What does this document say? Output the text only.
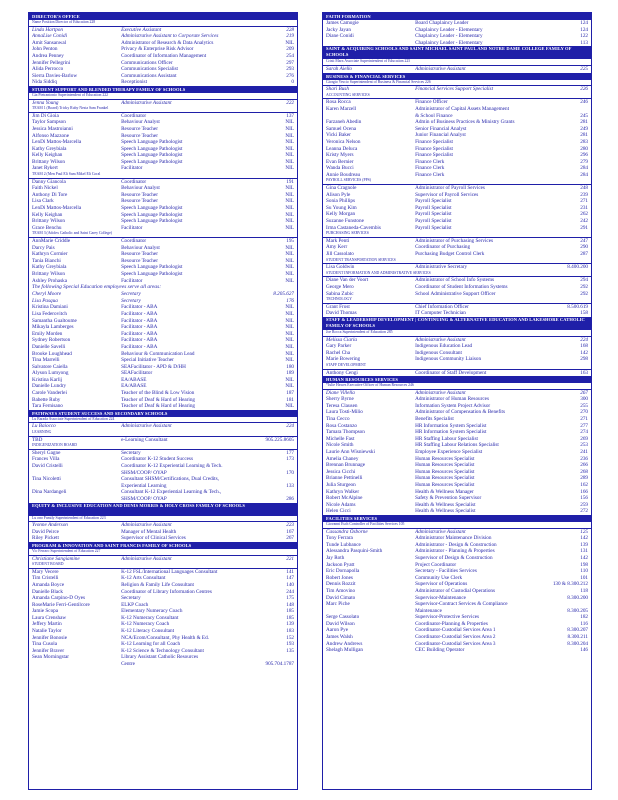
DIRECTOR'S OFFICE
Name Position Director of Education 228
Linda Hartpon	Executive Assistant	228
AnnaLise Conidi	Administrative Assistant to Corporate Services	219
Amit Sansanwal	Administrator of Research & Data Analytics	NIL
John Penton	Privacy & Enterprise Risk Advisor	209
Andrea Penney	Coordinator of Information Management	254
Jennifer Pellegrini	Communications Officer	297
Alida Perrocco	Communications Specialist	293
Sierra Davies-Barlow	Communications Assistant	276
Nida Siddiq	Receptionist	0
STUDENT SUPPORT AND BLENDED THERAPY FAMILY OF SCHOOLS
Gia Pietrantonio Superintendent of Education 222
Jenna Young	Administrative Assistant	222
TEAM 1 (Board) Tricky Ruby Nesta Sam Frankel
Jim Di Gioia	Coordinator	137
Taylor Sampson	Behaviour Analyst	NIL
Jessica Mastroianni	Resource Teacher	NIL
Alfonso Mazzone	Resource Teacher	NIL
LenDi Mattos-Marcella	Speech Language Pathologist	NIL
Kathy Greybiala	Speech Language Pathologist	NIL
Kelly Keighan	Speech Language Pathologist	NIL
Brittany Wilson	Speech Language Pathologist	NIL
Janet Rykert	Facilitator	NIL
TEAM 2 (Men Paul Eli Sam Mikel Eli Coral
Danny Giancola	Coordinator	191
Faith Nickel	Behaviour Analyst	NIL
Anthony Di Tore	Resource Teacher	NIL
Lisa Clark	Resource Teacher	NIL
LenDi Mattos-Marcella	Speech Language Pathologist	NIL
Kelly Keighan	Speech Language Pathologist	NIL
Brittany Wilson	Speech Language Pathologist	NIL
Grace Benchu	Facilitator	NIL
TEAM 3 (Adolex Catholic and Saint Carey College)
AnnMarie Criddle	Coordinator	195
Darcy Pais	Behaviour Analyst	NIL
Kathryn Cormier	Resource Teacher	NIL
Tania Bianchi	Resource Teacher	NIL
Kathy Greybiala	Speech Language Pathologist	NIL
Brittany Wilson	Speech Language Pathologist	NIL
Ashley Prohaska	Facilitator	NIL
The following Special Education employees serve all areas:
Cheryl Moore	Secretary	8.205.627
Lisa Pasqua	Secretary	176
Kristina Damiani	Facilitator - ABA	NIL
Lisa Federovitch	Facilitator - ABA	NIL
Samantha Gualtoume	Facilitator - ABA	NIL
Mikayla Lamberges	Facilitator - ABA	NIL
Emily Morden	Facilitator - ABA	NIL
Sydney Robertson	Facilitator - ABA	NIL
Danielle Savelli	Facilitator - ABA	NIL
Brooke Loughhead	Behaviour & Communication Lead	NIL
Tina Marrelli	Special Initiative Teacher	NIL
Salvatore Caiella	SEAFacilitator - APD & D/HH	180
Alyson Lumyong	SEAFacilitator	189
Kristina Karlij	EA/ABASE	NIL
Danielle Lundry	EA/ABASE	NIL
Carole Vanderlei	Teacher of the Blind & Low Vision	187
Babette Ruby	Teacher of Deaf & Hard of Hearing	181
Tara Fernisano	Teacher of Deaf & Hard of Hearing	NIL
PATHWAYS STUDENT SUCCESS AND SECONDARY SCHOOLS
Lu Barada Associate Superintendent of Education 224
Lu Baiocco	Administrative Assistant	224
LEARNING
TBD	e-Learning Consultant	905.225.8605
INDIGENIZATION BOARD
Sheryl Gagne	Secretary	177
Frances Villa	Coordinator K-12 Student Success	173
David Cristelli	Coordinator K-12 Experiential Learning & Tech.
SHSM/COOP/ OYAP	170
Tina Nicoletti	Consultant SHSM/Certifications, Dual Credits,
Experiential Learning	133
Dina Nardangeli	Consultant K-12 Experiential Learning & Tech.,
SHSM/COOP/ OYAP	286
EQUITY & INCLUSIVE EDUCATION AND DENIS MORRIS & HOLY CROSS FAMILY OF SCHOOLS
Lu ono Family Superintendent of Education 223
Yvonne Anderson	Administrative Assistant	223
David Peirce	Manager of Mental Health	167
Riley Pickett	Supervisor of Clinical Services	267
PROGRAM & INNOVATION AND SAINT FRANCIS FAMILY OF SCHOOLS
Vic Ferraro Superintendent of Education 227
Christiane Sangiamine	Administrative Assistant	221
STUDENT BOARD
Mary Vecere	K-12 FSL/International Languages Consultant	141
Tim Cristelli	K-12 Arts Consultant	147
Amanda Boyce	Religion & Family Life Consultant	140
Danielle Black	Coordinator of Library Information Centres	244
Amanda Carpino-D Oyes	Secretary	175
RoseMarie Ferri-Gentilcore	ELKP Coach	148
Jamie Scopa	Elementary Numeracy Coach	185
Laura Crenshaw	K-12 Numeracy Consultant	185
Jeffery Martin	K-12 Numeracy Coach	139
Natalie Taylor	K-12 Literacy Consultant	183
Jennifer Bonosie	NCA/Ecom/Consultant, Phy Health & Ed.	152
Tina Cusola	K-12 Learning for all Coach	193
Jennifer Braver	K-12 Science & Technology Consultant	135
Sean Morningstar	Library Assistant Catholic Resources
Centre	905.704.1787
FAITH FORMATION
James Camogie	Board Chaplaincy Leader	124
Jacky Jayan	Chaplaincy Leader - Elementary	124
Diane Conidi	Chaplaincy Leader - Elementary	122
Chaplaincy Leader - Elementary	113
SAINT & ACQUIRING SCHOOLS AND SAINT MICHAEL SAINT PAUL AND NOTRE DAME COLLEGE FAMILY OF SCHOOLS
Cristi Marx Associate Superintendent of Education 225
Sarah Aiello	Administrative Assistant	225
BUSINESS & FINANCIAL SERVICES
Giorgio Vescio Superintendent of Business & Financial Services 226
Shari Bush	Financial Services Support Specialist	226
ACCOUNTING SERVICES
Rosa Rocca	Finance Officer	246
Karen Marzell	Administrator of Capital Assets Management
& School Finance	245
Farzaneh Abedin	Admin of Business Practices & Ministry Grants	281
Samuel Ocena	Senior Financial Analyst	249
Vicki Baker	Junior Financial Analyst	281
Veronica Nelson	Finance Specialist	283
Leanna Deluca	Finance Specialist	280
Kristy Myers	Finance Specialist	296
Evan Bernier	Finance Clerk	279
Wanda Bucci	Finance Clerk	284
Annie Boudreau	Finance Clerk	284
PAYROLL SERVICES (PPS)
Gina Cragnole	Administrator of Payroll Services	248
Alison Pyle	Supervisor of Payroll Services	239
Sonia Phillips	Payroll Specialist	271
Su Young Kim	Payroll Specialist	231
Kelly Morgan	Payroll Specialist	262
Suzanne Funstone	Payroll Specialist	242
Irma Castaneda-Cavembis	Payroll Specialist	291
PURCHASING SERVICES
Mark Penti	Administrator of Purchasing Services	247
Amy Kerr	Coordinator of Purchasing	290
Jill Cassolato	Purchasing Budget Control Clerk	287
STUDENT TRANSPORTATION SERVICES
Lisa Goldwin	Administrative Secretary	8.400.200
STUDENT INFORMATION AND ADMINISTRATIVE SERVICES
Diane Van der Voort	Administrator of School Info Systems	294
George Mero	Coordinator of Student Information Systems	292
Sabina Zubic	School Administrative Support Officer	292
TECHNOLOGY
Grant Frost	Chief Information Officer	8.500.619
David Thomas	IT Computer Technician	158
STAFF & LEADERSHIP DEVELOPMENT | CONTINUING & ALTERNATIVE EDUCATION AND LAKESHORE CATHOLIC FAMILY OF SCHOOLS
Joe Rocca Superintendent of Education 285
Melissa Ciarla	Administrative Assistant	224
Gary Parker	Indigenous Education Lead	168
Rachel Cha	Indigenous Consultant	142
Marie Bowering	Indigenous Community Liaison	298
STAFF DEVELOPMENT
Anthony Cengi	Coordinator of Staff Development	163
HUMAN RESOURCES SERVICES
*Julie Hawes Executive Officer of Human Resources 246
Diane Villella	Administrative Assistant	267
Sherry Byrne	Administrator of Human Resources	300
Teresa Clausen	Information System Project Advisor	255
Laura Tosti-Milio	Administrator of Compensation & Benefits	270
Tina Cecco	Benefits Specialist	271
Rosa Costanzo	HR Information System Specialist	277
Tamara Thompson	HR Information System Specialist	274
Michelle Fast	HR Staffing Labour Specialist	269
Nicole Smith	HR Staffing Labour Relations Specialist	253
Laurie Ann Wisniewski	Employee Experience Specialist	241
Amelia Chaney	Human Resources Specialist	236
Brennan Brunnage	Human Resources Specialist	266
Jessica Cicchi	Human Resources Specialist	268
Brianne Pettinelli	Human Resources Specialist	289
Julia Sturgeon	Human Resources Specialist	162
Kathryn Walker	Health & Wellness Manager	166
Robert McAlpine	Safety & Prevention Supervisor	156
Nicole Adams	Health & Wellness Specialist	259
Helen Cicci	Health & Wellness Specialist	272
FACILITIES SERVICES
Giovanni Esch Controller of Facilities Services 105
Cassandra Osborne	Administrative Assistant	125
Tony Ferrara	Administrator Maintenance Division	142
Tunde Lubbance	Administrator - Design & Construction	139
Alessandra Pasquini-Smith	Administrator - Planning & Properties	131
Jay Roth	Supervisor of Design & Construction	142
Jackson Pyatt	Project Coordinator	198
Eric Dornapolla	Secretary - Facilities Services	110
Robert Jones	Community Use Clerk	101
Dennis Rozzit	Supervisor of Operations	130 & 8.300.212
Tim Amovino	Administrator of Custodial Operations	118
David Cimato	Supervisor-Maintenance	8.300.200
Marc Piche	Supervisor-Contract Services & Compliance
Maintenance	8.300.205
Serge Cassolato	Supervisor-Protective Services	182
David Wilson	Coordinator-Planning & Properties	116
Aaron Pye	Coordinator-Custodial Services Area 1	8.300.207
James Walsh	Coordinator-Custodial Services Area 2	8.300.211
Andrew Andrews	Coordinator-Custodial Services Area 3	8.300.204
Shelagh Mulligan	CEC Building Operator	146
